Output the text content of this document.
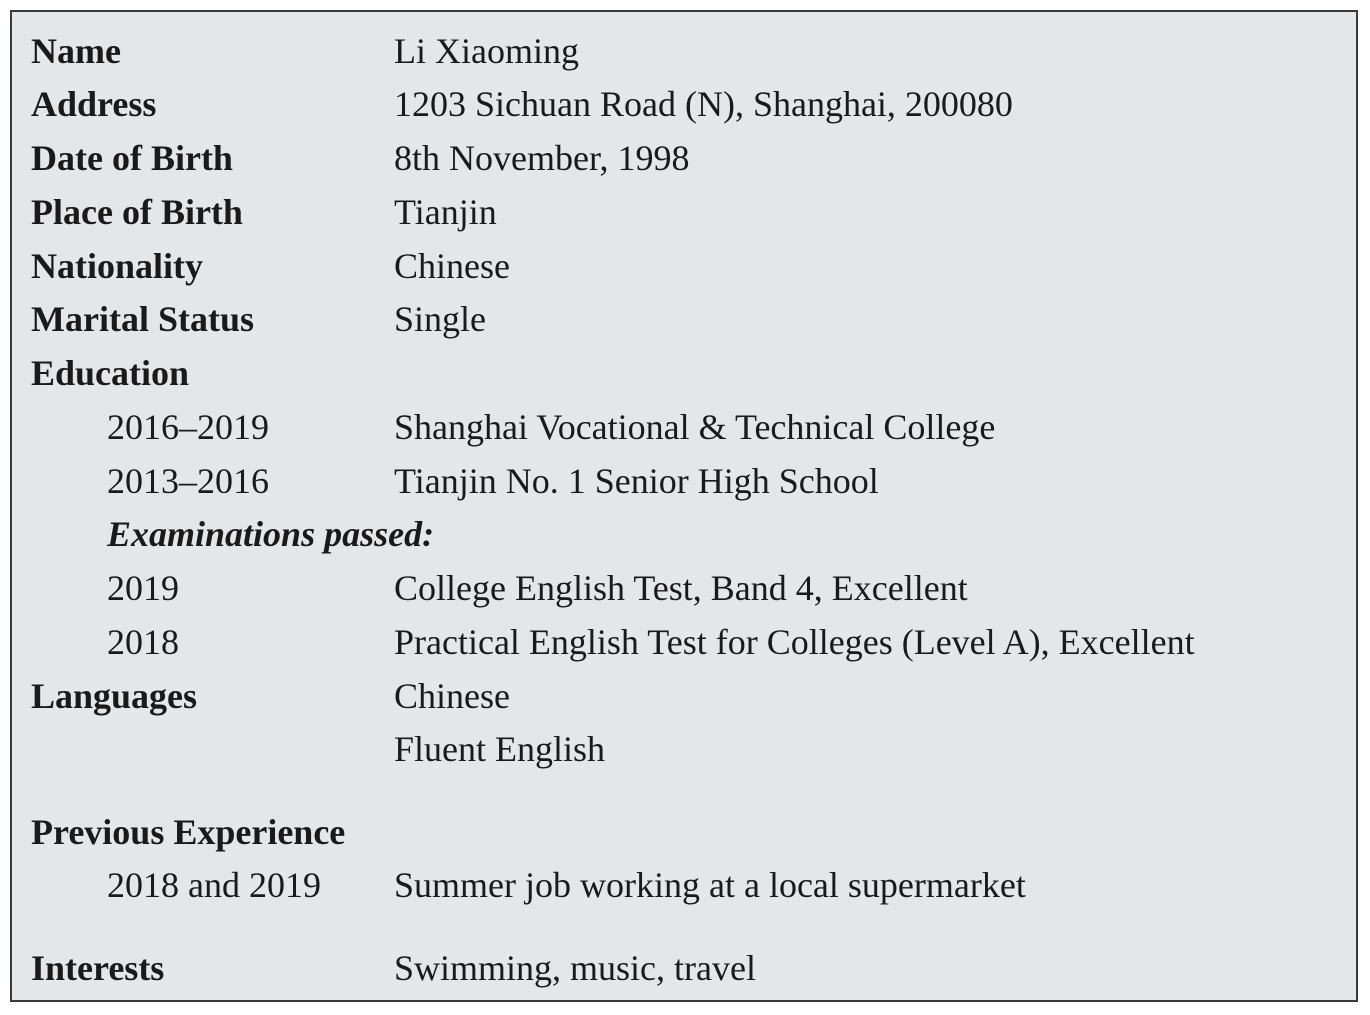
Name	Li Xiaoming
Address	1203 Sichuan Road (N), Shanghai, 200080
Date of Birth	8th November, 1998
Place of Birth	Tianjin
Nationality	Chinese
Marital Status	Single
Education
2016–2019	Shanghai Vocational & Technical College
2013–2016	Tianjin No. 1 Senior High School
Examinations passed:
2019	College English Test, Band 4, Excellent
2018	Practical English Test for Colleges (Level A), Excellent
Languages	Chinese
Fluent English
Previous Experience
2018 and 2019 Summer job working at a local supermarket
Interests	Swimming, music, travel
